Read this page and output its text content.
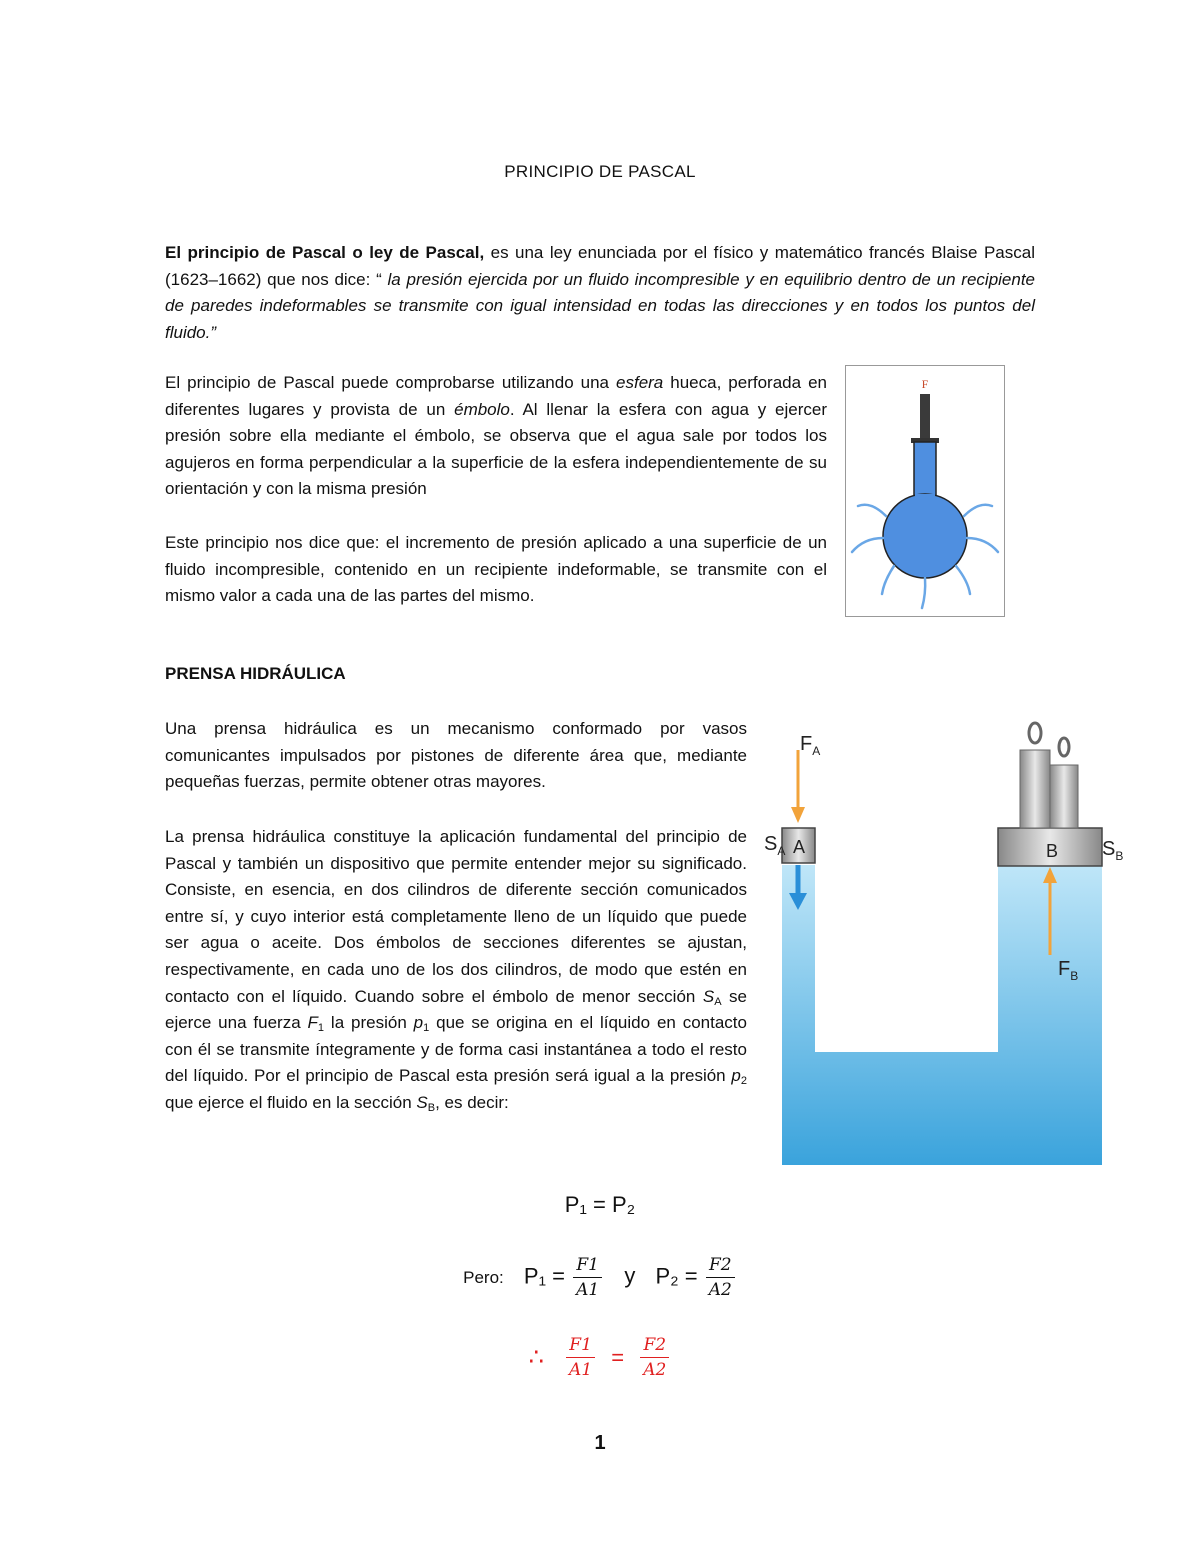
PRINCIPIO DE PASCAL

El principio de Pascal o ley de Pascal, es una ley enunciada por el físico y matemático francés Blaise Pascal (1623–1662) que nos dice: “ la presión ejercida por un fluido incompresible y en equilibrio dentro de un recipiente de paredes indeformables se transmite con igual intensidad en todas las direcciones y en todos los puntos del fluido.”

El principio de Pascal puede comprobarse utilizando una esfera hueca, perforada en diferentes lugares y provista de un émbolo. Al llenar la esfera con agua y ejercer presión sobre ella mediante el émbolo, se observa que el agua sale por todos los agujeros en forma perpendicular a la superficie de la esfera independientemente de su orientación y con la misma presión

F

Este principio nos dice que: el incremento de presión aplicado a una superficie de un fluido incompresible, contenido en un recipiente indeformable, se transmite con el mismo valor a cada una de las partes del mismo.

PRENSA HIDRÁULICA

Una prensa hidráulica es un mecanismo conformado por vasos comunicantes impulsados por pistones de diferente área que, mediante pequeñas fuerzas, permite obtener otras mayores.

La prensa hidráulica constituye la aplicación fundamental del principio de Pascal y también un dispositivo que permite entender mejor su significado. Consiste, en esencia, en dos cilindros de diferente sección comunicados entre sí, y cuyo interior está completamente lleno de un líquido que puede ser agua o aceite. Dos émbolos de secciones diferentes se ajustan, respectivamente, en cada uno de los dos cilindros, de modo que estén en contacto con el líquido. Cuando sobre el émbolo de menor sección $S_A$ se ejerce una fuerza $F_1$ la presión $p_1$ que se origina en el líquido en contacto con él se transmite íntegramente y de forma casi instantánea a todo el resto del líquido. Por el principio de Pascal esta presión será igual a la presión $p_2$ que ejerce el fluido en la sección $S_B$, es decir:

$F_A$
$S_A$ A	B $S_B$
$F_B$
P₁ = P₂
Pero: $P_1 = \frac{F1}{A1}$ y $P_2 = \frac{F2}{A2}$
∴ $\frac{F1}{A1} = \frac{F2}{A2}$
1
